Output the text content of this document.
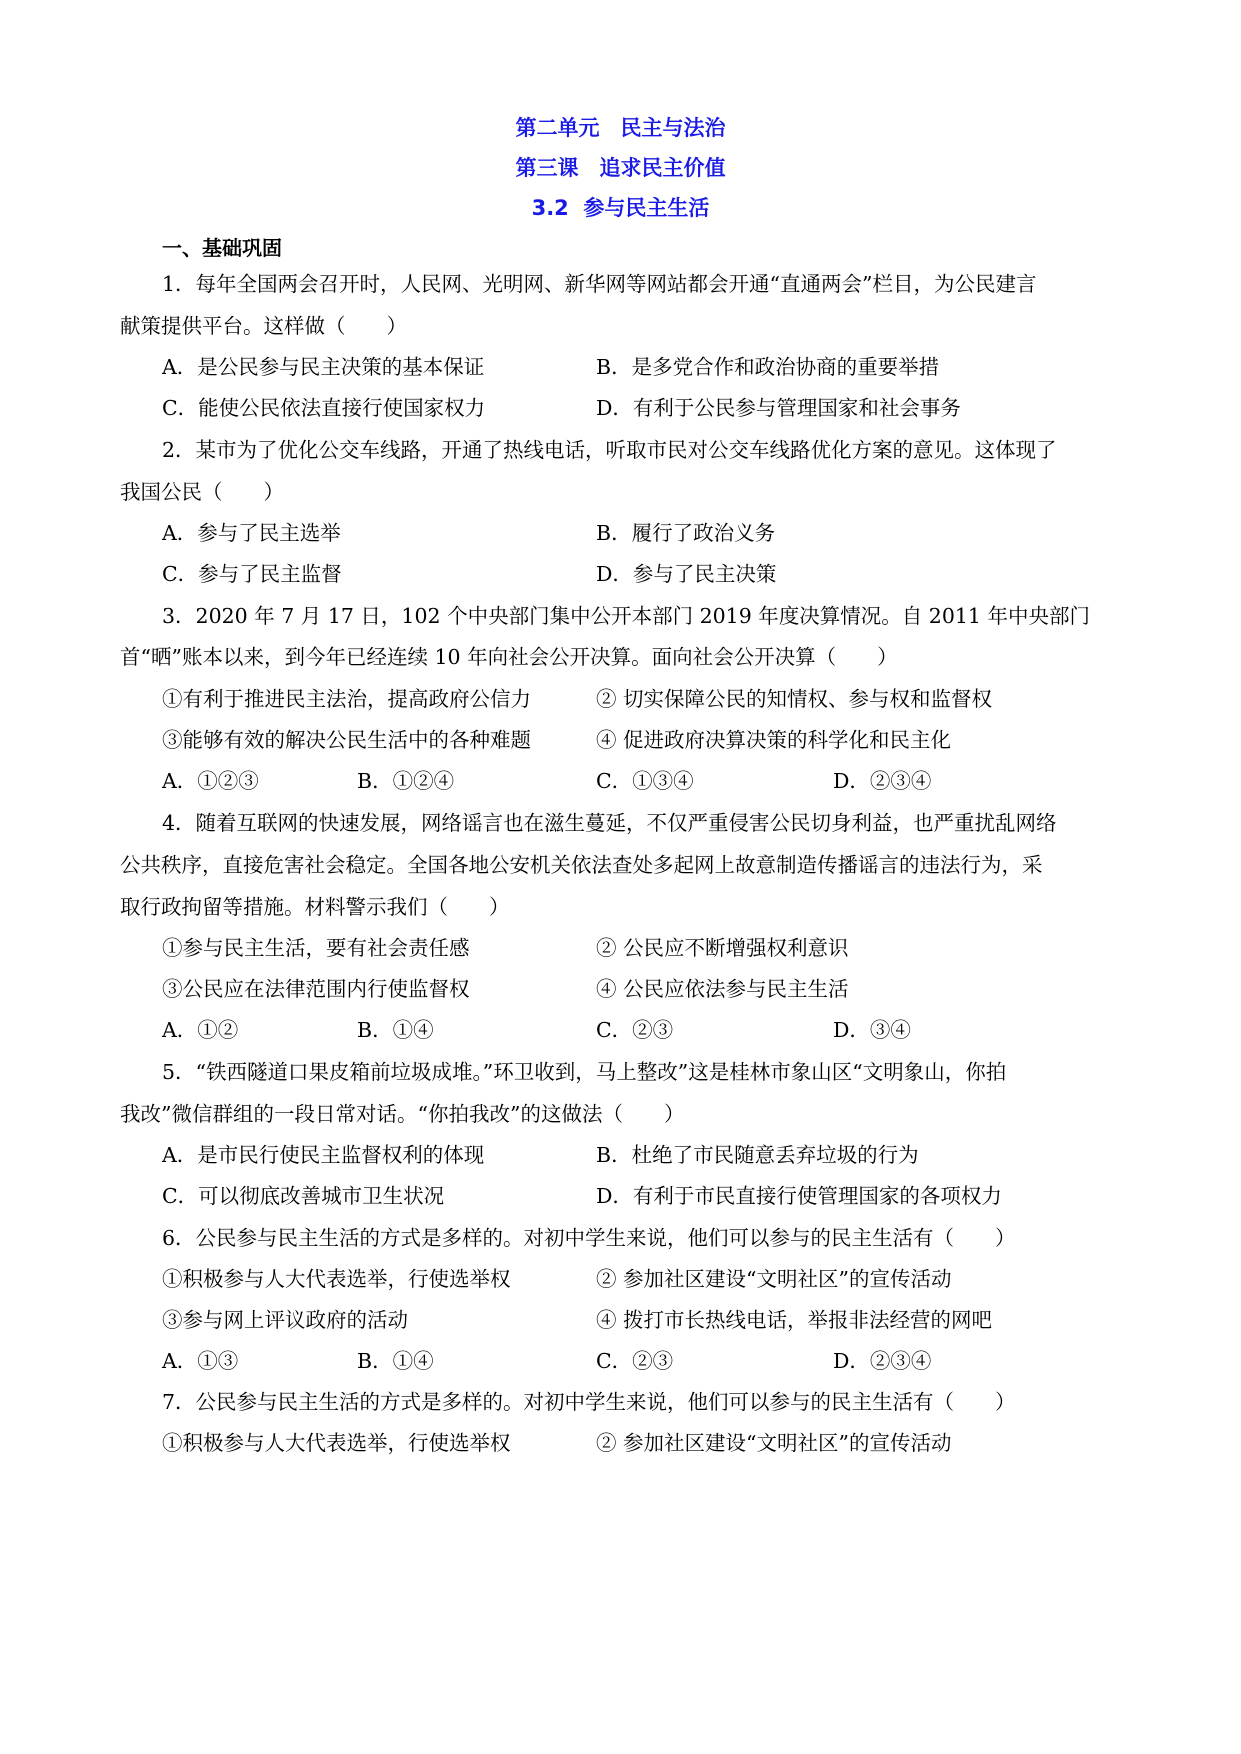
第二单元　民主与法治
第三课　追求民主价值
3.2  参与民主生活
一、基础巩固
1．每年全国两会召开时，人民网、光明网、新华网等网站都会开通“直通两会”栏目，为公民建言
献策提供平台。这样做（　　）
A．是公民参与民主决策的基本保证	B．是多党合作和政治协商的重要举措
C．能使公民依法直接行使国家权力	D．有利于公民参与管理国家和社会事务
2．某市为了优化公交车线路，开通了热线电话，听取市民对公交车线路优化方案的意见。这体现了
我国公民（　　）
A．参与了民主选举	B．履行了政治义务
C．参与了民主监督	D．参与了民主决策
3．2020 年 7 月 17 日，102 个中央部门集中公开本部门 2019 年度决算情况。自 2011 年中央部门
首“晒”账本以来，到今年已经连续 10 年向社会公开决算。面向社会公开决算（　　）
①有利于推进民主法治，提高政府公信力	② 切实保障公民的知情权、参与权和监督权
③能够有效的解决公民生活中的各种难题	④ 促进政府决算决策的科学化和民主化
A．①②③	B．①②④	C．①③④	D．②③④
4．随着互联网的快速发展，网络谣言也在滋生蔓延，不仅严重侵害公民切身利益，也严重扰乱网络
公共秩序，直接危害社会稳定。全国各地公安机关依法查处多起网上故意制造传播谣言的违法行为，采
取行政拘留等措施。材料警示我们（　　）
①参与民主生活，要有社会责任感	② 公民应不断增强权利意识
③公民应在法律范围内行使监督权	④ 公民应依法参与民主生活
A．①②	B．①④	C．②③	D．③④
5．“铁西隧道口果皮箱前垃圾成堆。”环卫收到，马上整改”这是桂林市象山区“文明象山，你拍
我改”微信群组的一段日常对话。“你拍我改”的这做法（　　）
A．是市民行使民主监督权利的体现	B．杜绝了市民随意丢弃垃圾的行为
C．可以彻底改善城市卫生状况	D．有利于市民直接行使管理国家的各项权力
6．公民参与民主生活的方式是多样的。对初中学生来说，他们可以参与的民主生活有（　　）
①积极参与人大代表选举，行使选举权	② 参加社区建设“文明社区”的宣传活动
③参与网上评议政府的活动	④ 拨打市长热线电话，举报非法经营的网吧
A．①③	B．①④	C．②③	D．②③④
7．公民参与民主生活的方式是多样的。对初中学生来说，他们可以参与的民主生活有（　　）
①积极参与人大代表选举，行使选举权	② 参加社区建设“文明社区”的宣传活动
